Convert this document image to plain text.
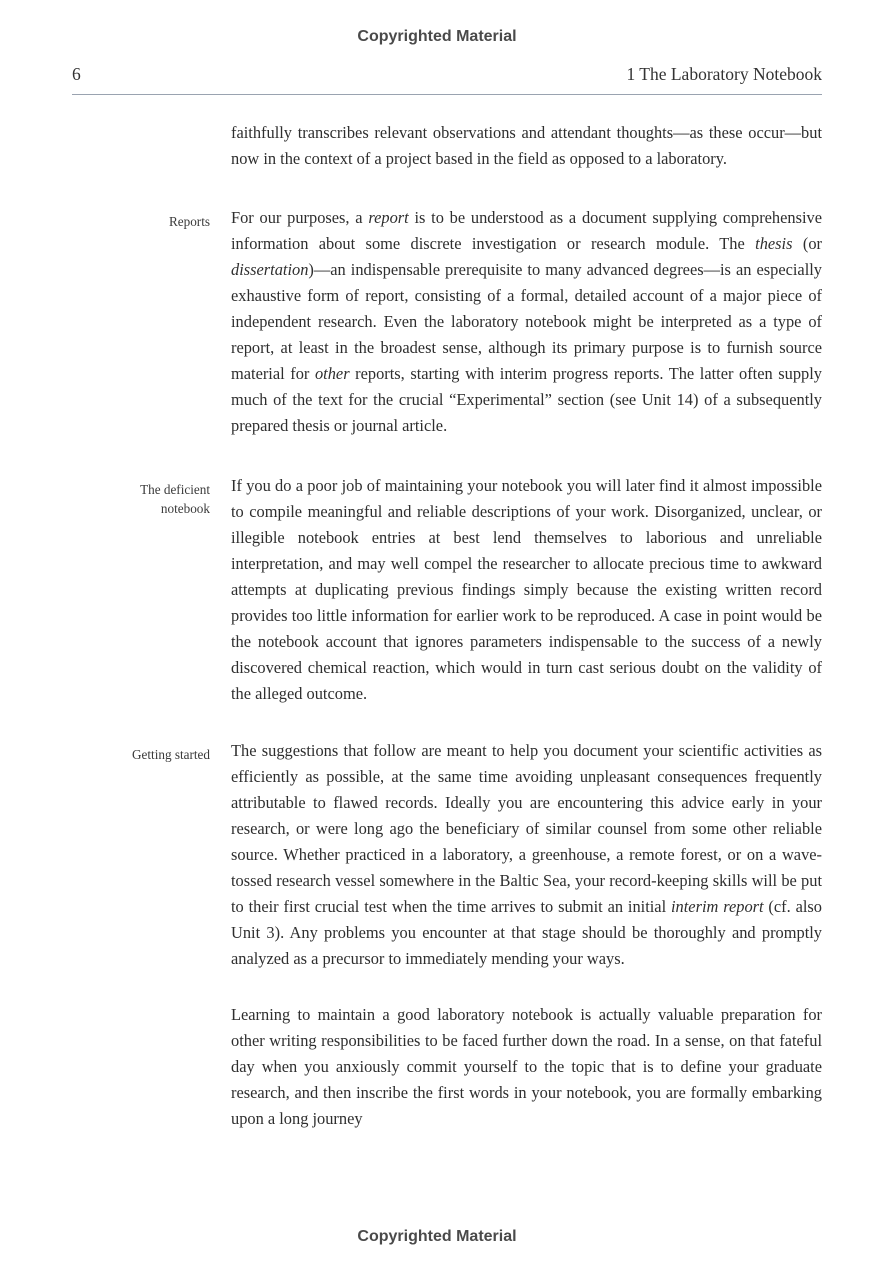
Copyrighted Material
6	1 The Laboratory Notebook

faithfully transcribes relevant observations and attendant thoughts—as these occur—but now in the context of a project based in the field as opposed to a laboratory.

Reports For our purposes, a report is to be understood as a document supplying comprehensive information about some discrete investigation or research module. The thesis (or dissertation)—an indispensable prerequisite to many advanced degrees—is an especially exhaustive form of report, consisting of a formal, detailed account of a major piece of independent research. Even the laboratory notebook might be interpreted as a type of report, at least in the broadest sense, although its primary purpose is to furnish source material for other reports, starting with interim progress reports. The latter often supply much of the text for the crucial “Experimental” section (see Unit 14) of a subsequently prepared thesis or journal article.

The deficient
notebook

If you do a poor job of maintaining your notebook you will later find it almost impossible to compile meaningful and reliable descriptions of your work. Disorganized, unclear, or illegible notebook entries at best lend themselves to laborious and unreliable interpretation, and may well compel the researcher to allocate precious time to awkward attempts at duplicating previous findings simply because the existing written record provides too little information for earlier work to be reproduced. A case in point would be the notebook account that ignores parameters indispensable to the success of a newly discovered chemical reaction, which would in turn cast serious doubt on the validity of the alleged outcome.

Getting started The suggestions that follow are meant to help you document your scientific activities as efficiently as possible, at the same time avoiding unpleasant consequences frequently attributable to flawed records. Ideally you are encountering this advice early in your research, or were long ago the beneficiary of similar counsel from some other reliable source. Whether practiced in a laboratory, a greenhouse, a remote forest, or on a wave-tossed research vessel somewhere in the Baltic Sea, your record-keeping skills will be put to their first crucial test when the time arrives to submit an initial interim report (cf. also Unit 3). Any problems you encounter at that stage should be thoroughly and promptly analyzed as a precursor to immediately mending your ways.

Learning to maintain a good laboratory notebook is actually valuable preparation for other writing responsibilities to be faced further down the road. In a sense, on that fateful day when you anxiously commit yourself to the topic that is to define your graduate research, and then inscribe the first words in your notebook, you are formally embarking upon a long journey

Copyrighted Material
